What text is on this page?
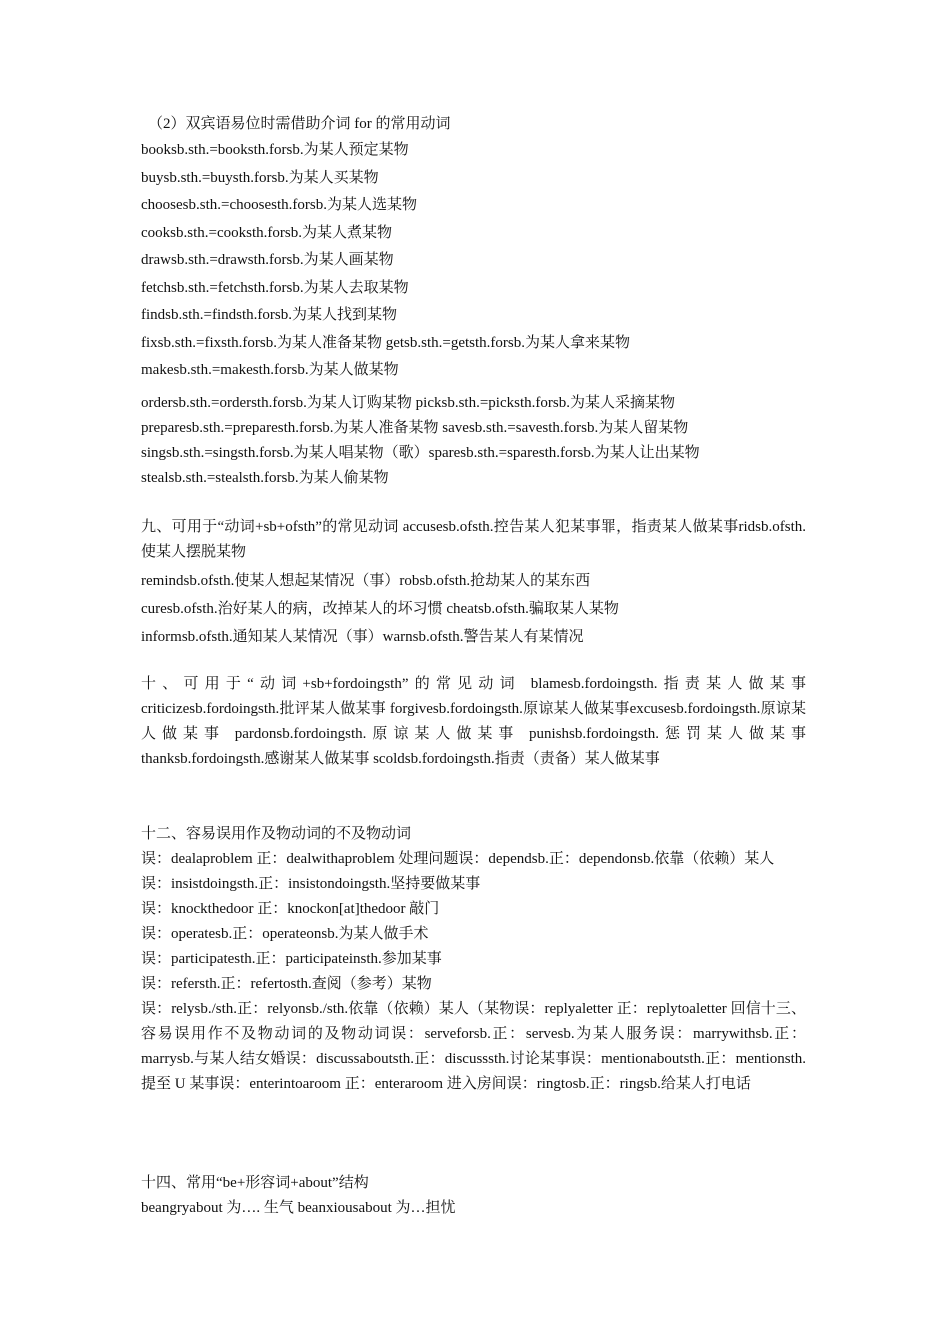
（2）双宾语易位时需借助介词 for 的常用动词
booksb.sth.=booksth.forsb.为某人预定某物
buysb.sth.=buysth.forsb.为某人买某物
choosesb.sth.=choosesth.forsb.为某人选某物
cooksb.sth.=cooksth.forsb.为某人煮某物
drawsb.sth.=drawsth.forsb.为某人画某物
fetchsb.sth.=fetchsth.forsb.为某人去取某物
findsb.sth.=findsth.forsb.为某人找到某物
fixsb.sth.=fixsth.forsb.为某人准备某物 getsb.sth.=getsth.forsb.为某人拿来某物
makesb.sth.=makesth.forsb.为某人做某物
ordersb.sth.=ordersth.forsb.为某人订购某物 picksb.sth.=picksth.forsb.为某人采摘某物
preparesb.sth.=preparesth.forsb.为某人准备某物 savesb.sth.=savesth.forsb.为某人留某物
singsb.sth.=singsth.forsb.为某人唱某物（歌）sparesb.sth.=sparesth.forsb.为某人让出某物
stealsb.sth.=stealsth.forsb.为某人偷某物
九、可用于“动词+sb+ofsth”的常见动词 accusesb.ofsth.控告某人犯某事罪，指责某人做某事ridsb.ofsth.使某人摆脱某物
remindsb.ofsth.使某人想起某情况（事）robsb.ofsth.抢劫某人的某东西
curesb.ofsth.治好某人的病，改掉某人的坏习惯 cheatsb.ofsth.骗取某人某物
informsb.ofsth.通知某人某情况（事）warnsb.ofsth.警告某人有某情况
十、可用于“动词+sb+fordoingsth”的常见动词 blamesb.fordoingsth.指责某人做某事criticizesb.fordoingsth.批评某人做某事 forgivesb.fordoingsth.原谅某人做某事excusesb.fordoingsth.原谅某人做某事 pardonsb.fordoingsth.原谅某人做某事 punishsb.fordoingsth.惩罚某人做某事 thanksb.fordoingsth.感谢某人做某事 scoldsb.fordoingsth.指责（责备）某人做某事
十二、容易误用作及物动词的不及物动词
误：dealaproblem 正：dealwithaproblem 处理问题误：dependsb.正：dependonsb.依靠（依赖）某人
误：insistdoingsth.正：insistondoingsth.坚持要做某事
误：knockthedoor 正：knockon[at]thedoor 敲门
误：operatesb.正：operateonsb.为某人做手术
误：participatesth.正：participateinsth.参加某事
误：refersth.正：refertosth.查阅（参考）某物
误：relysb./sth.正：relyonsb./sth.依靠（依赖）某人（某物误：replyaletter 正：replytoaletter 回信十三、容易误用作不及物动词的及物动词误：serveforsb.正：servesb.为某人服务误：marrywithsb.正：marrysb.与某人结女婚误：discussaboutsth.正：discusssth.讨论某事误：mentionaboutsth.正：mentionsth.提至 U 某事误：enterintoaroom 正：enteraroom 进入房间误：ringtosb.正：ringsb.给某人打电话
十四、常用“be+形容词+about”结构
beangryabout 为…. 生气 beanxiousabout 为…担忧
